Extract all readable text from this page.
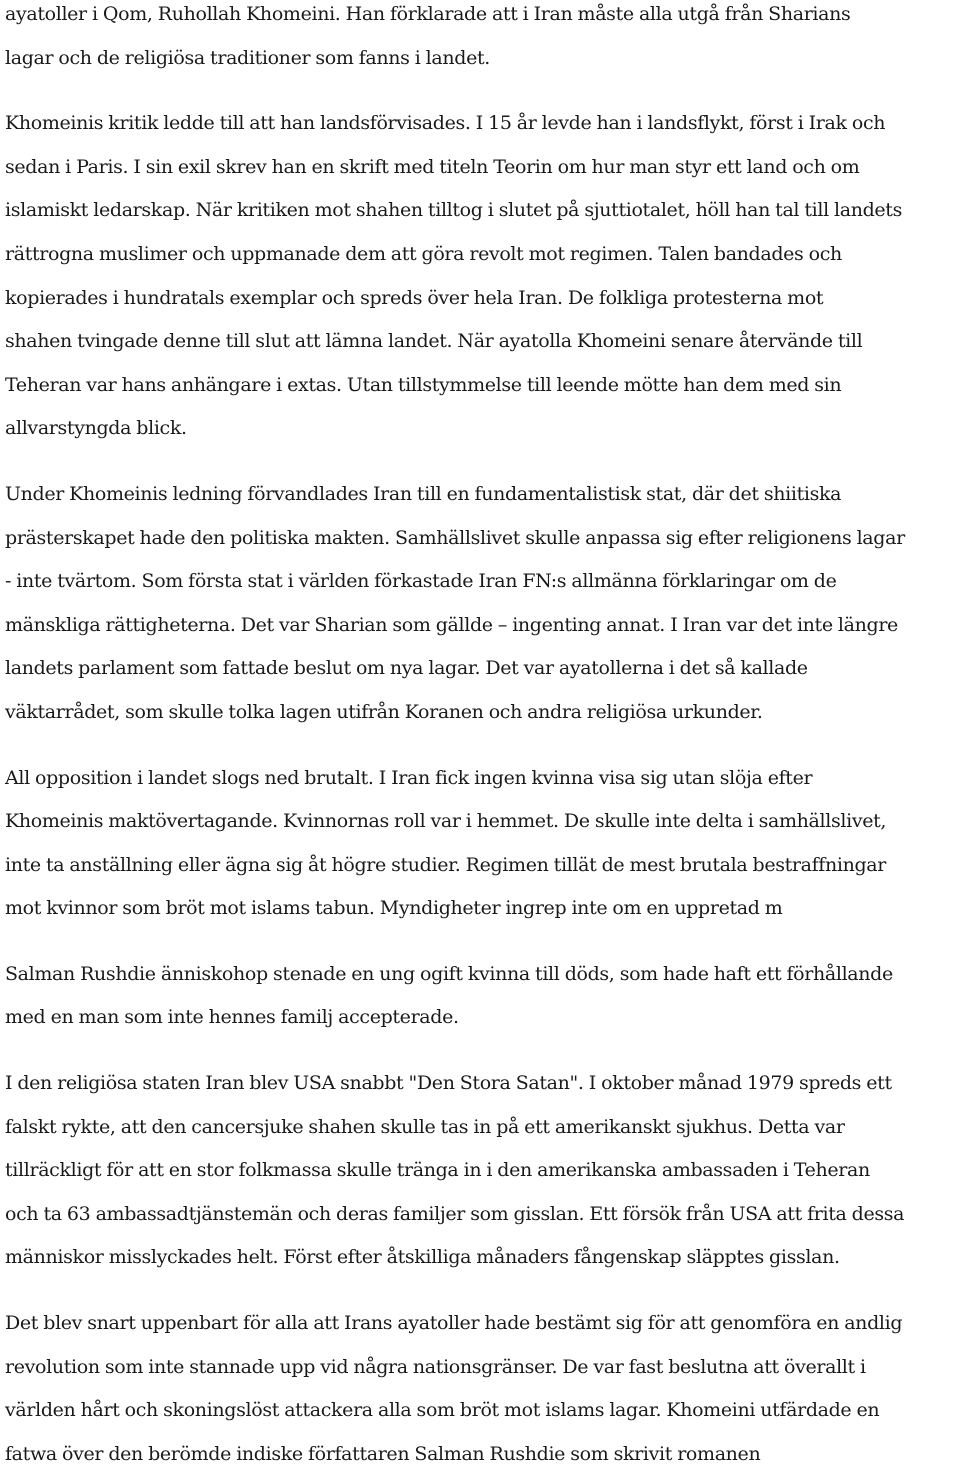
ayatoller i Qom, Ruhollah Khomeini. Han förklarade att i Iran måste alla utgå från Sharians
lagar och de religiösa traditioner som fanns i landet.

Khomeinis kritik ledde till att han landsförvisades. I 15 år levde han i landsflykt, först i Irak och
sedan i Paris. I sin exil skrev han en skrift med titeln Teorin om hur man styr ett land och om
islamiskt ledarskap. När kritiken mot shahen tilltog i slutet på sjuttiotalet, höll han tal till landets
rättrogna muslimer och uppmanade dem att göra revolt mot regimen. Talen bandades och
kopierades i hundratals exemplar och spreds över hela Iran. De folkliga protesterna mot
shahen tvingade denne till slut att lämna landet. När ayatolla Khomeini senare återvände till
Teheran var hans anhängare i extas. Utan tillstymmelse till leende mötte han dem med sin
allvarstyngda blick.

Under Khomeinis ledning förvandlades Iran till en fundamentalistisk stat, där det shiitiska
prästerskapet hade den politiska makten. Samhällslivet skulle anpassa sig efter religionens lagar
- inte tvärtom. Som första stat i världen förkastade Iran FN:s allmänna förklaringar om de
mänskliga rättigheterna. Det var Sharian som gällde – ingenting annat. I Iran var det inte längre
landets parlament som fattade beslut om nya lagar. Det var ayatollerna i det så kallade
väktarrådet, som skulle tolka lagen utifrån Koranen och andra religiösa urkunder.

All opposition i landet slogs ned brutalt. I Iran fick ingen kvinna visa sig utan slöja efter
Khomeinis maktövertagande. Kvinnornas roll var i hemmet. De skulle inte delta i samhällslivet,
inte ta anställning eller ägna sig åt högre studier. Regimen tillät de mest brutala bestraffningar
mot kvinnor som bröt mot islams tabun. Myndigheter ingrep inte om en uppretad m

Salman Rushdie änniskohop stenade en ung ogift kvinna till döds, som hade haft ett förhållande
med en man som inte hennes familj accepterade.

I den religiösa staten Iran blev USA snabbt "Den Stora Satan". I oktober månad 1979 spreds ett
falskt rykte, att den cancersjuke shahen skulle tas in på ett amerikanskt sjukhus. Detta var
tillräckligt för att en stor folkmassa skulle tränga in i den amerikanska ambassaden i Teheran
och ta 63 ambassadtjänstemän och deras familjer som gisslan. Ett försök från USA att frita dessa
människor misslyckades helt. Först efter åtskilliga månaders fångenskap släpptes gisslan.

Det blev snart uppenbart för alla att Irans ayatoller hade bestämt sig för att genomföra en andlig
revolution som inte stannade upp vid några nationsgränser. De var fast beslutna att överallt i
världen hårt och skoningslöst attackera alla som bröt mot islams lagar. Khomeini utfärdade en
fatwa över den berömde indiske författaren Salman Rushdie som skrivit romanen
